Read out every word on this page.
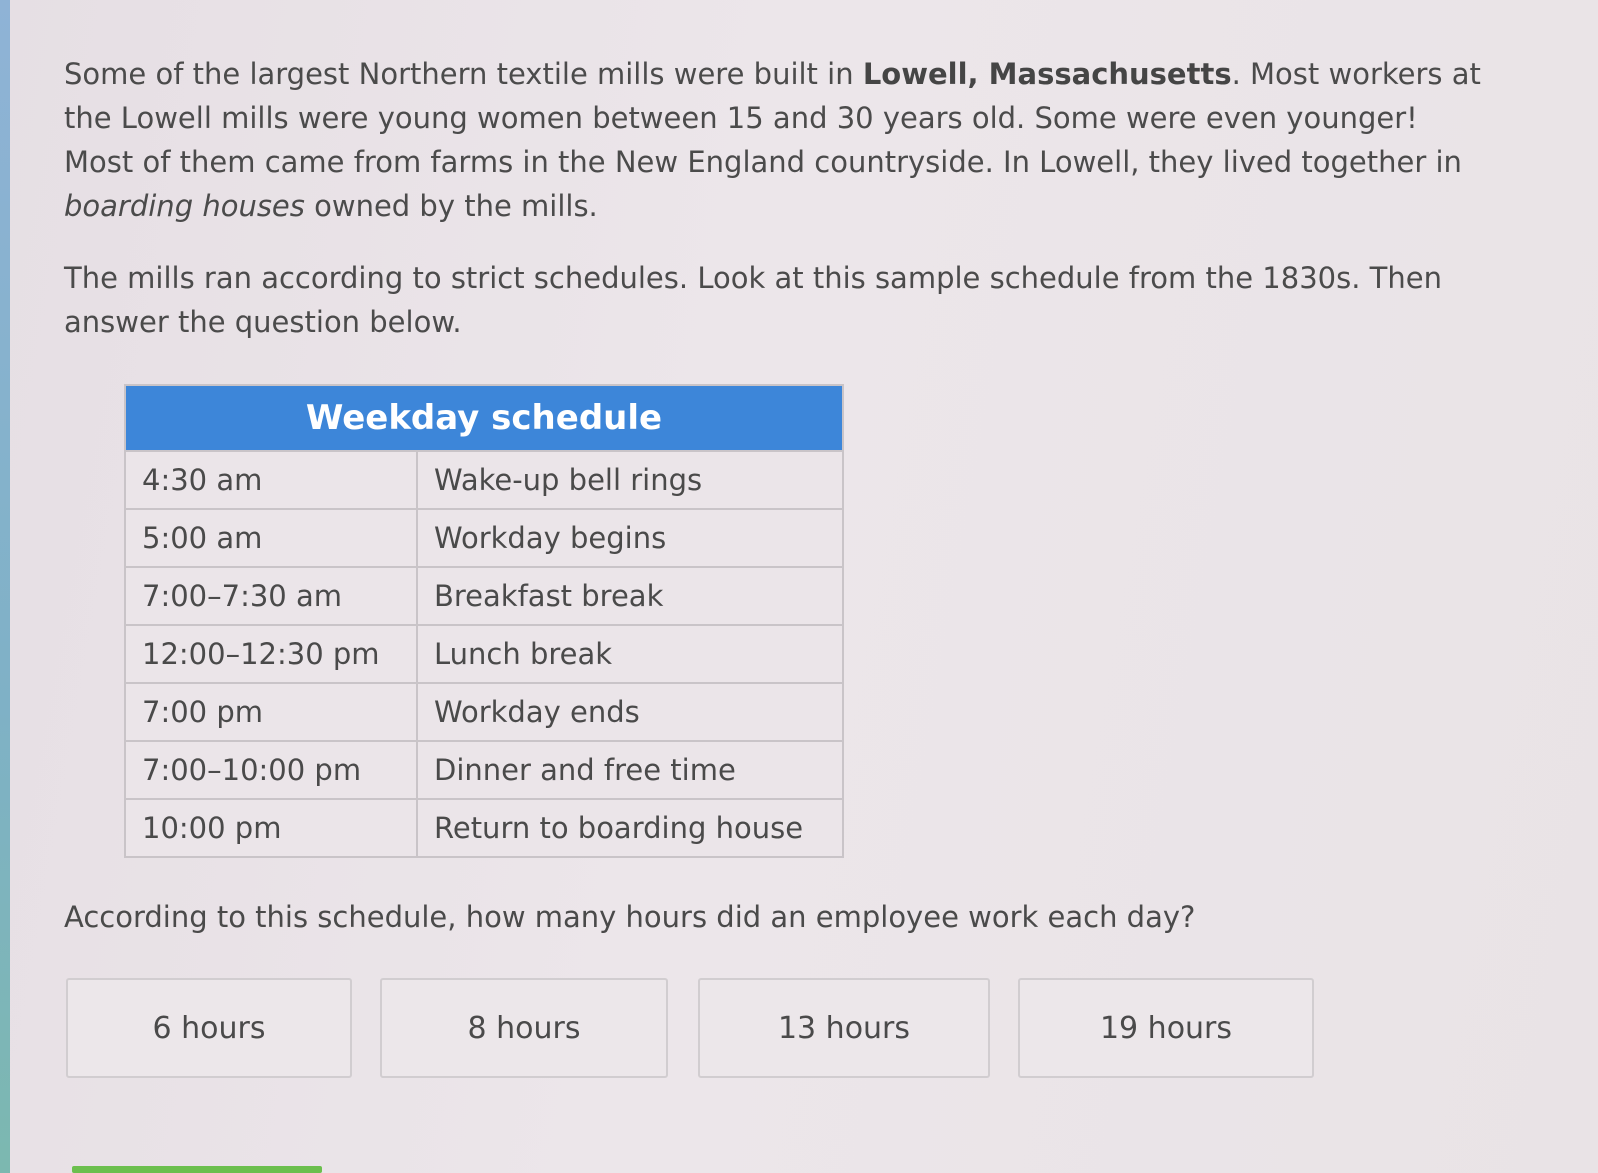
Some of the largest Northern textile mills were built in Lowell, Massachusetts. Most workers at the Lowell mills were young women between 15 and 30 years old. Some were even younger! Most of them came from farms in the New England countryside. In Lowell, they lived together in boarding houses owned by the mills.

The mills ran according to strict schedules. Look at this sample schedule from the 1830s. Then answer the question below.

Weekday schedule	
4:30 am	Wake-up bell rings
5:00 am	Workday begins
7:00–7:30 am	Breakfast break
12:00–12:30 pm	Lunch break
7:00 pm	Workday ends
7:00–10:00 pm	Dinner and free time
10:00 pm	Return to boarding house

According to this schedule, how many hours did an employee work each day?

6 hours	8 hours	13 hours	19 hours
